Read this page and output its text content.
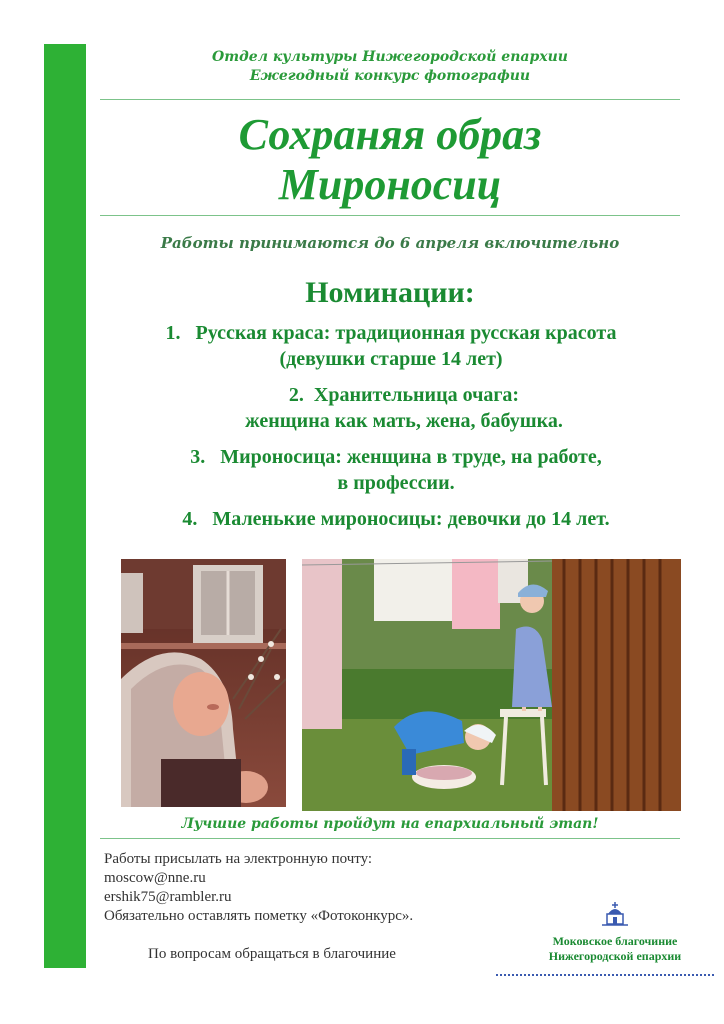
Отдел культуры Нижегородской епархии
Ежегодный конкурс фотографии
Сохраняя образ
Мироносиц
Работы принимаются до 6 апреля включительно
Номинации:
1. Русская краса: традиционная русская красота
(девушки старше 14 лет)
2. Хранительница очага:
женщина как мать, жена, бабушка.
3. Мироносица: женщина в труде, на работе,
в профессии.
4. Маленькие мироносицы: девочки до 14 лет.
Лучшие работы пройдут на епархиальный этап!
Работы присылать на электронную почту:
moscow@nne.ru
ershik75@rambler.ru
Обязательно оставлять пометку «Фотоконкурс».
По вопросам обращаться в благочиние
Моковское благочиние
Нижегородской епархии
